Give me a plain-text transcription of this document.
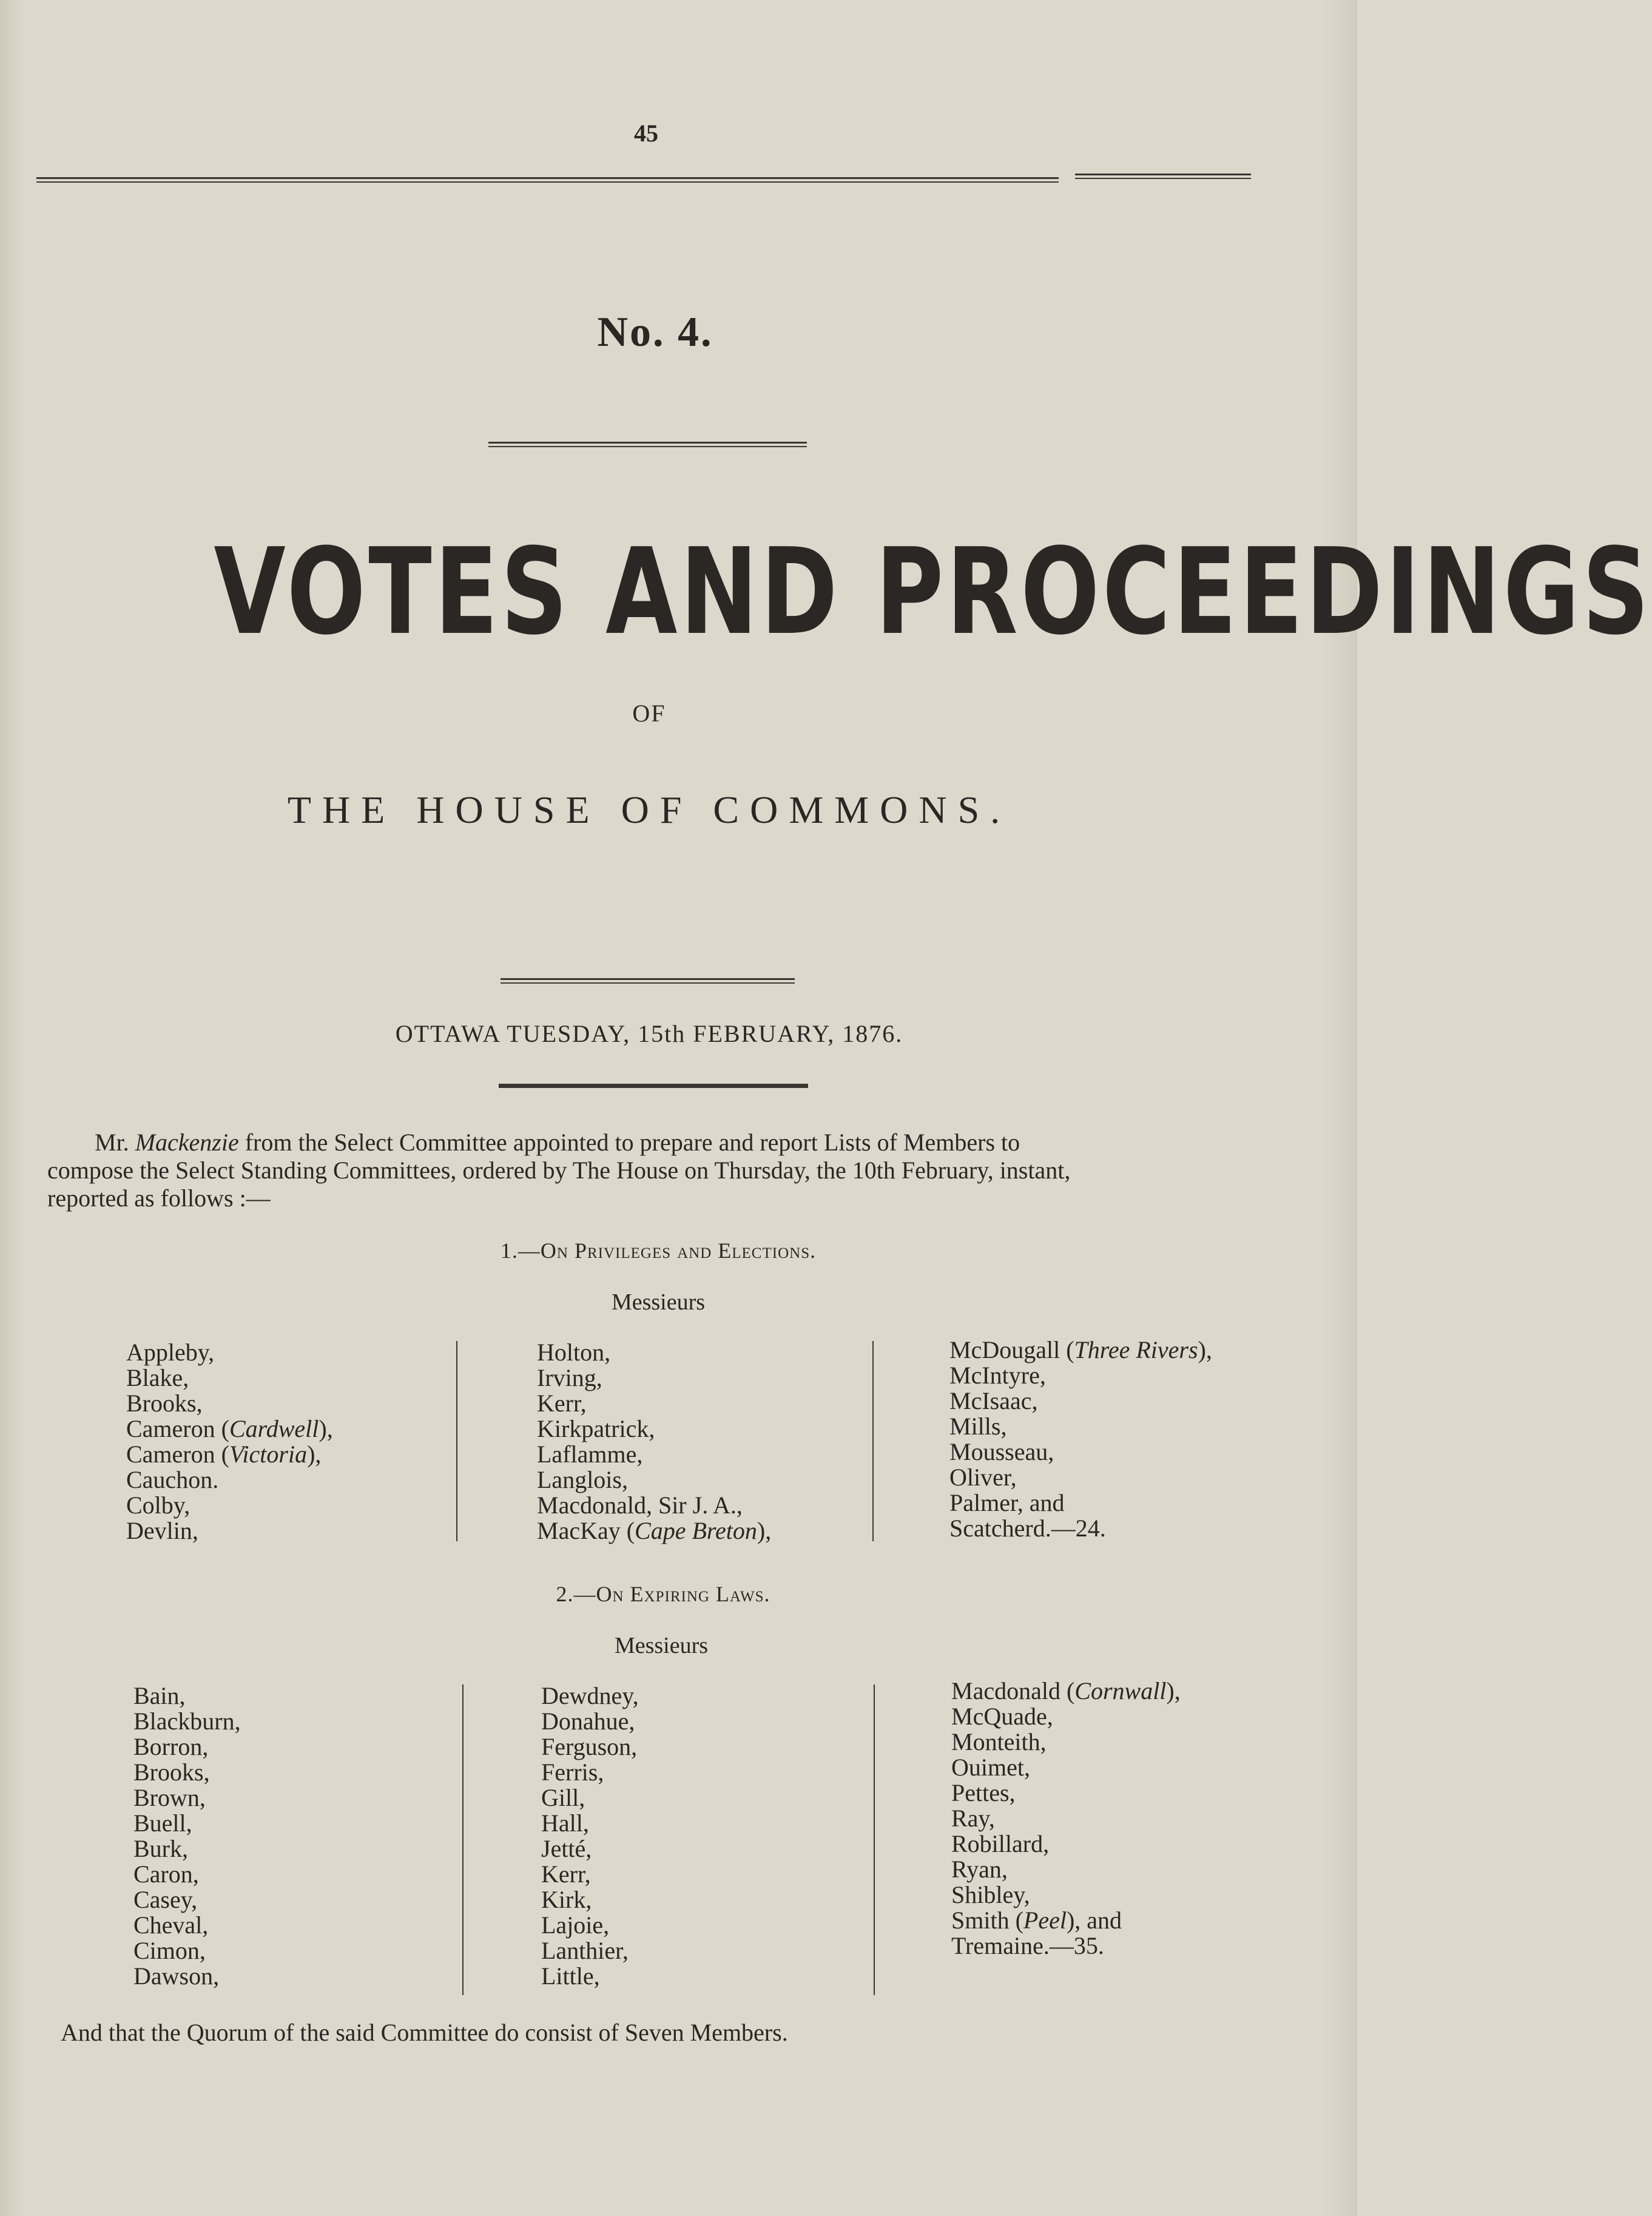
45
No. 4.
VOTES AND PROCEEDINGS
OF
THE HOUSE OF COMMONS.
OTTAWA TUESDAY, 15th FEBRUARY, 1876.
Mr. Mackenzie from the Select Committee appointed to prepare and report Lists of Members to
compose the Select Standing Committees, ordered by The House on Thursday, the 10th February, instant,
reported as follows :—
1.—On Privileges and Elections.
Messieurs
Appleby,
Blake,
Brooks,
Cameron (Cardwell),
Cameron (Victoria),
Cauchon.
Colby,
Devlin,
Holton,
Irving,
Kerr,
Kirkpatrick,
Laflamme,
Langlois,
Macdonald, Sir J. A.,
MacKay (Cape Breton),
McDougall (Three Rivers),
McIntyre,
McIsaac,
Mills,
Mousseau,
Oliver,
Palmer, and
Scatcherd.—24.
2.—On Expiring Laws.
Messieurs
Bain,
Blackburn,
Borron,
Brooks,
Brown,
Buell,
Burk,
Caron,
Casey,
Cheval,
Cimon,
Dawson,
Dewdney,
Donahue,
Ferguson,
Ferris,
Gill,
Hall,
Jetté,
Kerr,
Kirk,
Lajoie,
Lanthier,
Little,
Macdonald (Cornwall),
McQuade,
Monteith,
Ouimet,
Pettes,
Ray,
Robillard,
Ryan,
Shibley,
Smith (Peel), and
Tremaine.—35.
And that the Quorum of the said Committee do consist of Seven Members.
